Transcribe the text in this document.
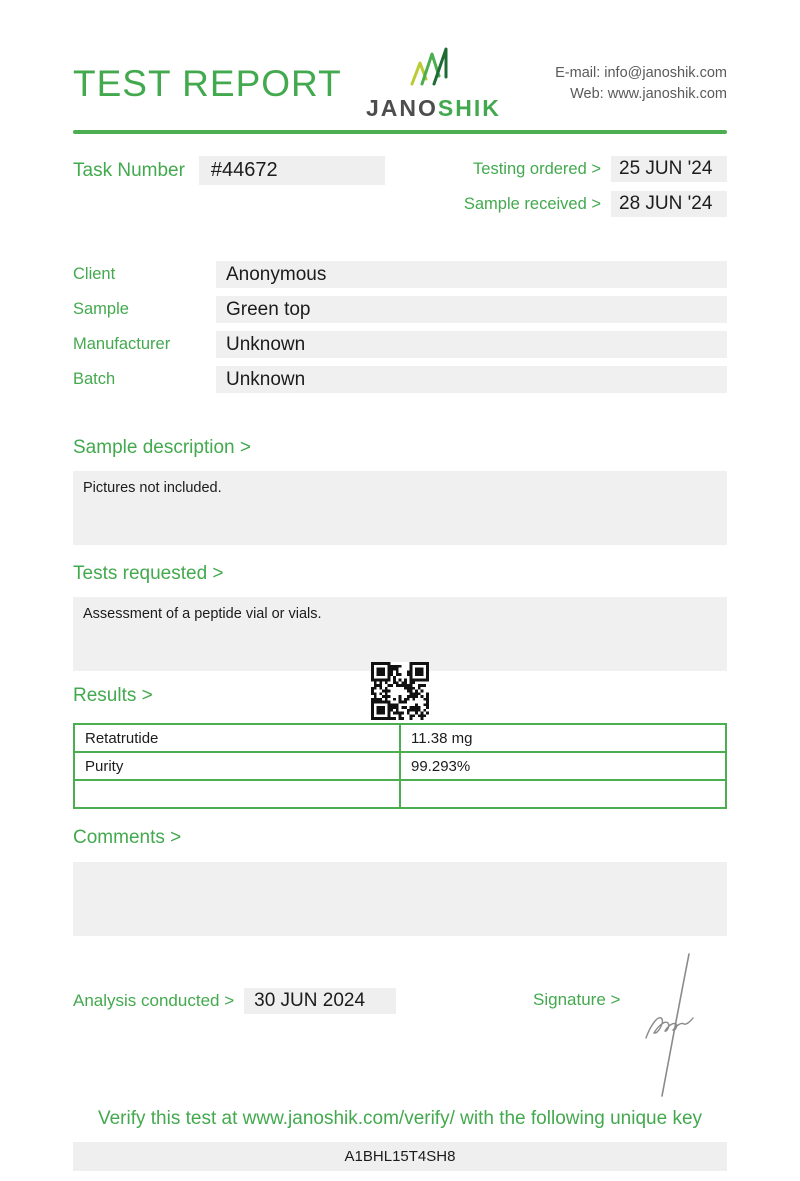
TEST REPORT
JANOSHIK
E-mail: info@janoshik.com
Web: www.janoshik.com
Task Number	#44672	Testing ordered > 25 JUN '24
Sample received > 28 JUN '24
Client	Anonymous
Sample	Green top
Manufacturer	Unknown
Batch	Unknown
Sample description >
Pictures not included.
Tests requested >
Assessment of a peptide vial or vials.
Results >
Retatrutide	11.38 mg
Purity	99.293%

Comments >
Analysis conducted >	30 JUN 2024	Signature >
Verify this test at www.janoshik.com/verify/ with the following unique key
A1BHL15T4SH8
